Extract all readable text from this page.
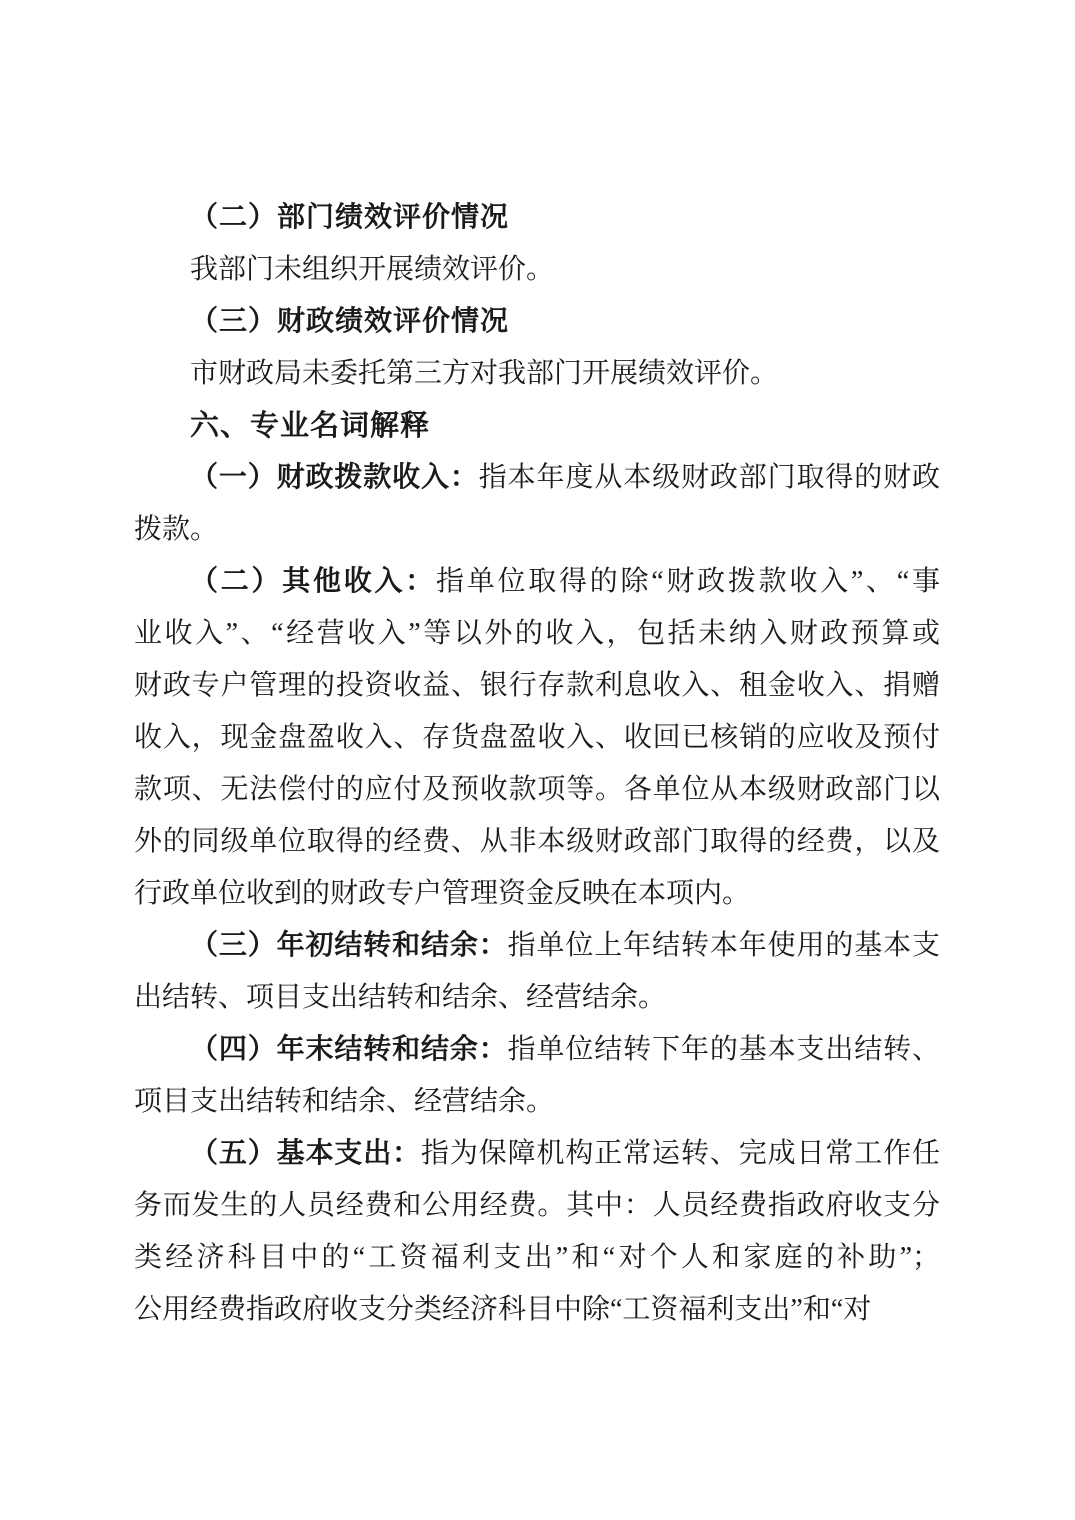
（二）部门绩效评价情况
我部门未组织开展绩效评价。
（三）财政绩效评价情况
市财政局未委托第三方对我部门开展绩效评价。
六、专业名词解释
（一）财政拨款收入：指本年度从本级财政部门取得的财政
拨款。
（二）其他收入：指单位取得的除“财政拨款收入”、“事
业收入”、“经营收入”等以外的收入，包括未纳入财政预算或
财政专户管理的投资收益、银行存款利息收入、租金收入、捐赠
收入，现金盘盈收入、存货盘盈收入、收回已核销的应收及预付
款项、无法偿付的应付及预收款项等。各单位从本级财政部门以
外的同级单位取得的经费、从非本级财政部门取得的经费，以及
行政单位收到的财政专户管理资金反映在本项内。
（三）年初结转和结余：指单位上年结转本年使用的基本支
出结转、项目支出结转和结余、经营结余。
（四）年末结转和结余：指单位结转下年的基本支出结转、
项目支出结转和结余、经营结余。
（五）基本支出：指为保障机构正常运转、完成日常工作任
务而发生的人员经费和公用经费。其中：人员经费指政府收支分
类经济科目中的“工资福利支出”和“对个人和家庭的补助”；
公用经费指政府收支分类经济科目中除“工资福利支出”和“对
